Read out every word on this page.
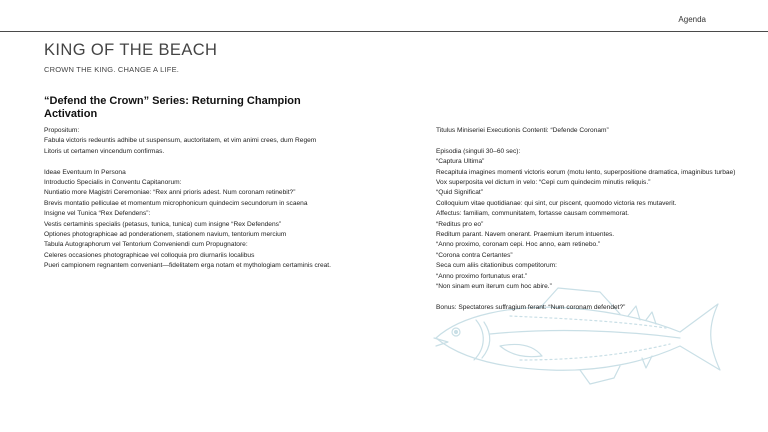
Agenda
KING OF THE BEACH
CROWN THE KING. CHANGE A LIFE.
“Defend the Crown” Series: Returning Champion Activation
Propositum:
Fabula victoris redeuntis adhibe ut suspensum, auctoritatem, et vim animi crees, dum Regem Litoris ut certamen vincendum confirmas.
Ideae Eventuum In Persona
Introductio Specialis in Conventu Capitanorum:
Nuntiatio more Magistri Ceremoniae: “Rex anni prioris adest. Num coronam retinebit?”
Brevis montatio pelliculae et momentum microphonicum quindecim secundorum in scaena
Insigne vel Tunica “Rex Defendens”:
Vestis certaminis specialis (petasus, tunica, tunica) cum insigne “Rex Defendens”
Optiones photographicae ad ponderationem, stationem navium, tentorium mercium
Tabula Autographorum vel Tentorium Conveniendi cum Propugnatore:
Celeres occasiones photographicae vel colloquia pro diurnariis localibus
Pueri campionem regnantem conveniant—fidelitatem erga notam et mythologiam certaminis creat.
Titulus Miniseriei Executionis Contenti: “Defende Coronam”
Episodia (singuli 30–60 sec):
“Captura Ultima”
Recapitula imagines momenti victoris eorum (motu lento, superpositione dramatica, imaginibus turbae)
Vox superposita vel dictum in velo: “Cepi cum quindecim minutis reliquis.”
“Quid Significat”
Colloquium vitae quotidianae: qui sint, cur piscent, quomodo victoria res mutaverit.
Affectus: familiam, communitatem, fortasse causam commemorat.
“Reditus pro eo”
Reditum parant. Navem onerant. Praemium iterum intuentes.
“Anno proximo, coronam cepi. Hoc anno, eam retinebo.”
“Corona contra Certantes”
Seca cum aliis citationibus competitorum:
“Anno proximo fortunatus erat.”
“Non sinam eum iterum cum hoc abire.”
Bonus: Spectatores suffragium ferant: “Num coronam defendet?”
